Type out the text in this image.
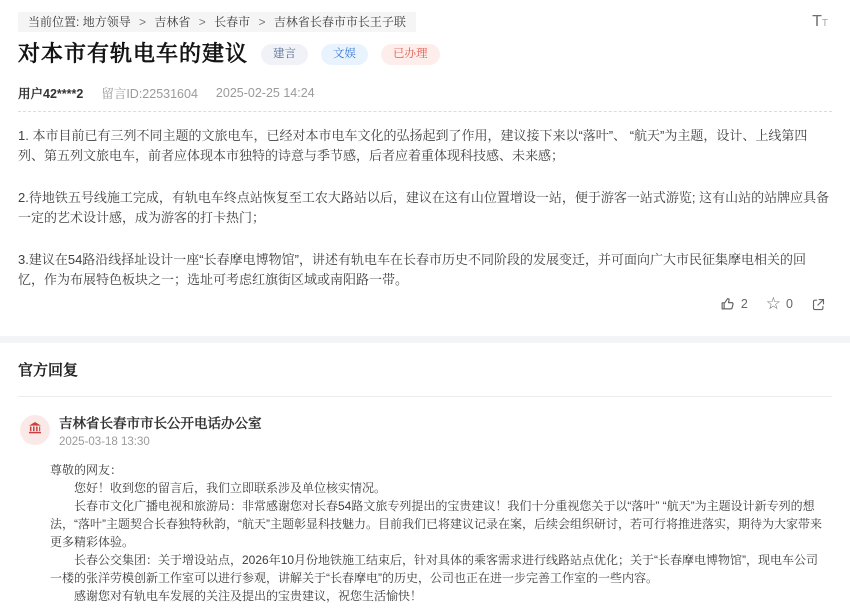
当前位置: 地方领导 > 吉林省 > 长春市 > 吉林省长春市市长王子联	TT
对本市有轨电车的建议	建言	文娱	已办理
用户42****2 留言ID:22531604 2025-02-25 14:24

1. 本市目前已有三列不同主题的文旅电车，已经对本市电车文化的弘扬起到了作用，建议接下来以“落叶”、 “航天”为主题，设计、上线第四列、第五列文旅电车，前者应体现本市独特的诗意与季节感，后者应着重体现科技感、未来感；

2.待地铁五号线施工完成，有轨电车终点站恢复至工农大路站以后，建议在这有山位置增设一站，便于游客一站式游览; 这有山站的站牌应具备一定的艺术设计感，成为游客的打卡热门；

3.建议在54路沿线择址设计一座“长春摩电博物馆”，讲述有轨电车在长春市历史不同阶段的发展变迁，并可面向广大市民征集摩电相关的回忆，作为布展特色板块之一；选址可考虑红旗街区域或南阳路一带。

2 ☆ 0
官方回复
吉林省长春市市长公开电话办公室
2025-03-18 13:30

尊敬的网友：

您好！收到您的留言后，我们立即联系涉及单位核实情况。

长春市文化广播电视和旅游局：非常感谢您对长春54路文旅专列提出的宝贵建议！我们十分重视您关于以“落叶” “航天”为主题设计新专列的想法，“落叶”主题契合长春独特秋韵，“航天”主题彰显科技魅力。目前我们已将建议记录在案，后续会组织研讨，若可行将推进落实，期待为大家带来更多精彩体验。

长春公交集团：关于增设站点，2026年10月份地铁施工结束后，针对具体的乘客需求进行线路站点优化；关于“长春摩电博物馆”，现电车公司一楼的张洋劳模创新工作室可以进行参观，讲解关于“长春摩电”的历史，公司也正在进一步完善工作室的一些内容。

感谢您对有轨电车发展的关注及提出的宝贵建议，祝您生活愉快！
